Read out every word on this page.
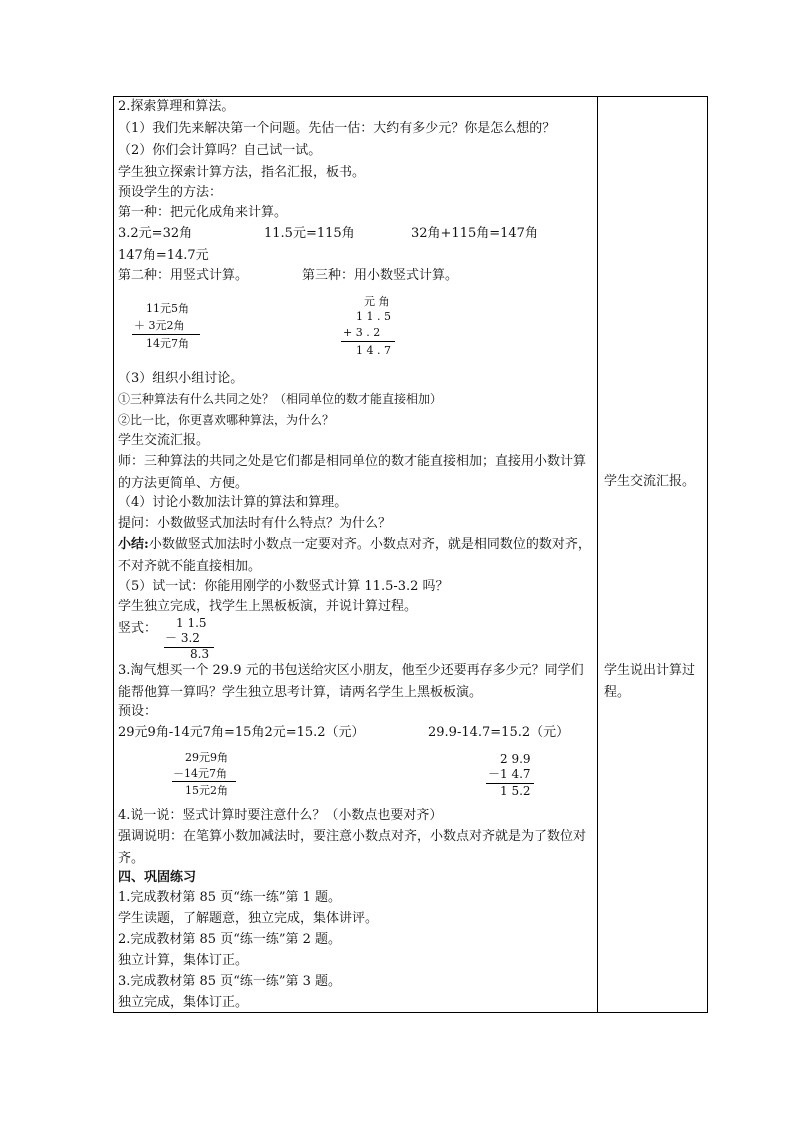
2.探索算理和算法。
（1）我们先来解决第一个问题。先估一估：大约有多少元？你是怎么想的？
（2）你们会计算吗？自己试一试。
学生独立探索计算方法，指名汇报，板书。
预设学生的方法：
第一种：把元化成角来计算。
3.2元=32角	11.5元=115角	32角+115角=147角
147角=14.7元
第二种：用竖式计算。	第三种：用小数竖式计算。
11元5角
＋ 3元2角
14元7角
元 角
1 1 . 5
+ 3 . 2
1 4 . 7
（3）组织小组讨论。
①三种算法有什么共同之处？（相同单位的数才能直接相加）
②比一比，你更喜欢哪种算法，为什么？
学生交流汇报。
师：三种算法的共同之处是它们都是相同单位的数才能直接相加；直接用小数计算的方法更简单、方便。
（4）讨论小数加法计算的算法和算理。
提问：小数做竖式加法时有什么特点？为什么？
小结:小数做竖式加法时小数点一定要对齐。小数点对齐，就是相同数位的数对齐，不对齐就不能直接相加。
（5）试一试：你能用刚学的小数竖式计算 11.5-3.2 吗？
学生独立完成，找学生上黑板板演，并说计算过程。
竖式： 1 1.5
－ 3.2
8.3
3.淘气想买一个 29.9 元的书包送给灾区小朋友，他至少还要再存多少元？同学们能帮他算一算吗？学生独立思考计算，请两名学生上黑板板演。
预设：
29元9角-14元7角=15角2元=15.2（元）	29.9-14.7=15.2（元）
29元9角
－14元7角
15元2角
2 9.9
－1 4.7
1 5.2
4.说一说：竖式计算时要注意什么？（小数点也要对齐）
强调说明：在笔算小数加减法时，要注意小数点对齐，小数点对齐就是为了数位对齐。
四、巩固练习
1.完成教材第 85 页“练一练”第 1 题。
学生读题，了解题意，独立完成，集体讲评。
2.完成教材第 85 页“练一练”第 2 题。
独立计算，集体订正。
3.完成教材第 85 页“练一练”第 3 题。
独立完成，集体订正。
学生交流汇报。
学生说出计算过程。
